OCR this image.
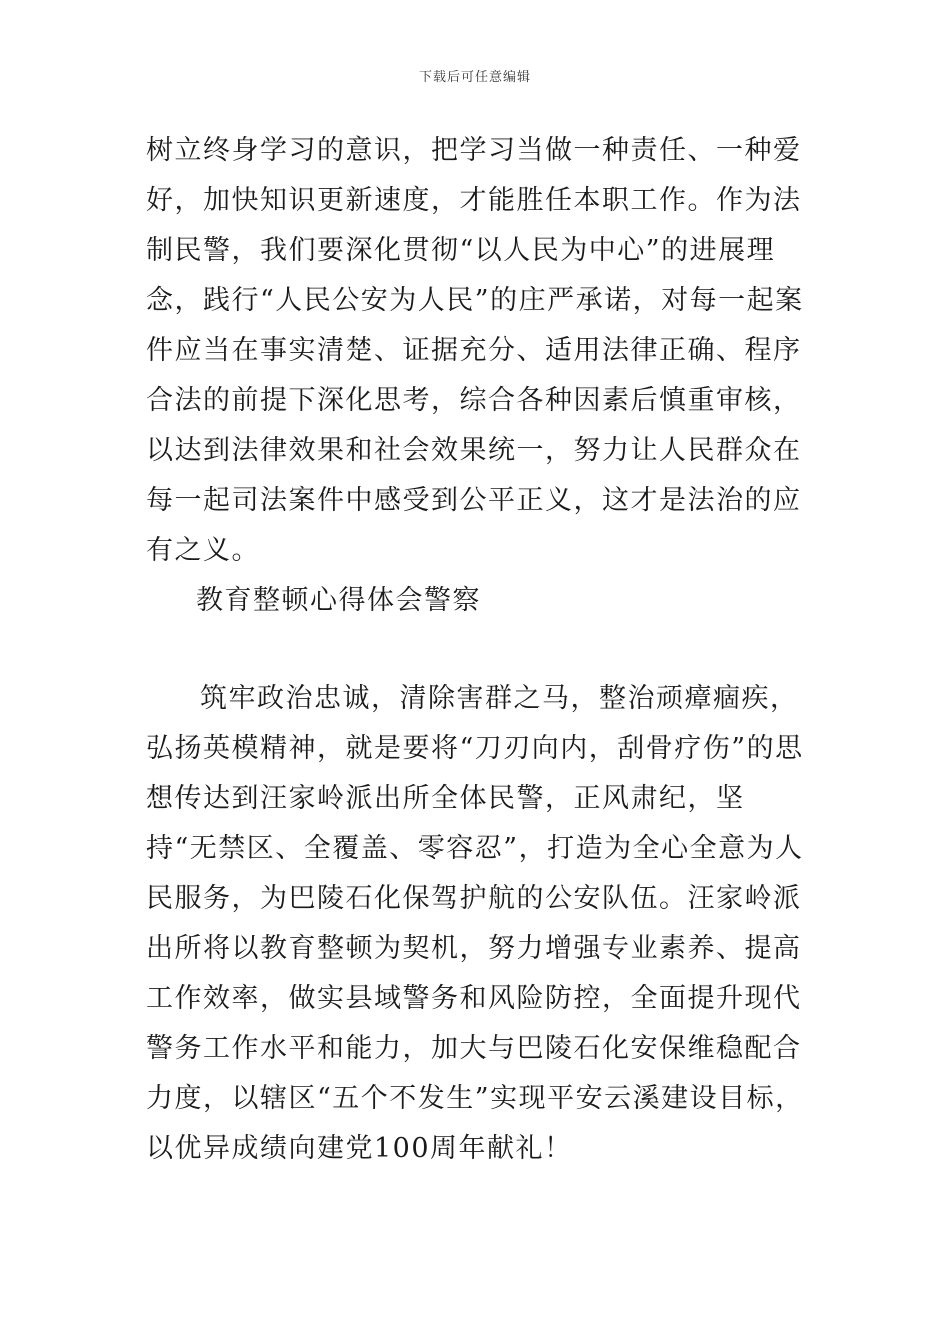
下载后可任意编辑

树立终身学习的意识，把学习当做一种责任、一种爱好，加快知识更新速度，才能胜任本职工作。作为法制民警，我们要深化贯彻“以人民为中心”的进展理念，践行“人民公安为人民”的庄严承诺，对每一起案件应当在事实清楚、证据充分、适用法律正确、程序合法的前提下深化思考，综合各种因素后慎重审核，以达到法律效果和社会效果统一，努力让人民群众在每一起司法案件中感受到公平正义，这才是法治的应有之义。

教育整顿心得体会警察

筑牢政治忠诚，清除害群之马，整治顽瘴痼疾，弘扬英模精神，就是要将“刀刃向内，刮骨疗伤”的思想传达到汪家岭派出所全体民警，正风肃纪，坚持“无禁区、全覆盖、零容忍”，打造为全心全意为人民服务，为巴陵石化保驾护航的公安队伍。汪家岭派出所将以教育整顿为契机，努力增强专业素养、提高工作效率，做实县域警务和风险防控，全面提升现代警务工作水平和能力，加大与巴陵石化安保维稳配合力度，以辖区“五个不发生”实现平安云溪建设目标，以优异成绩向建党100周年献礼！
